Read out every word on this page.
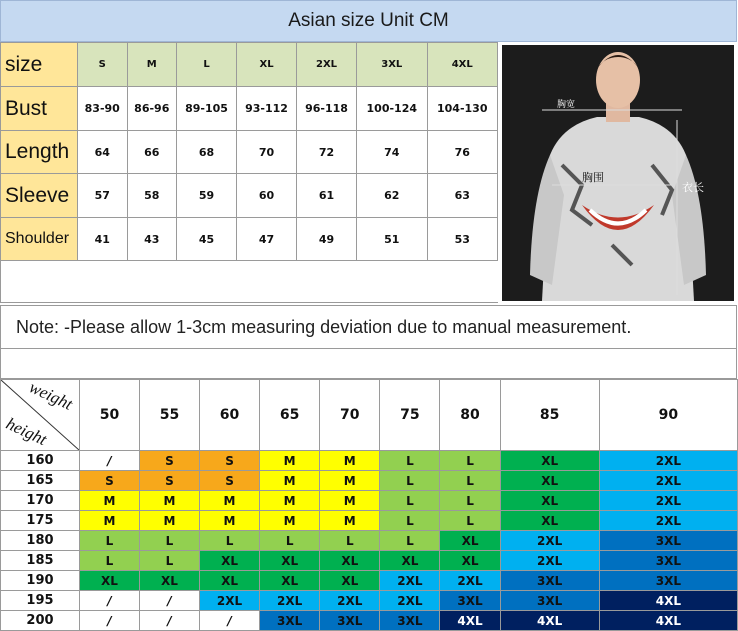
Asian size Unit CM
size	S	M	L	XL	2XL	3XL	4XL
Bust	83-90	86-96	89-105	93-112	96-118	100-124	104-130
Length	64	66	68	70	72	74	76
Sleeve	57	58	59	60	61	62	63
Shoulder	41	43	45	47	49	51	53

胸宽
胸围
衣长
Note: -Please allow 1-3cm measuring deviation due to manual measurement.
weight
height	50	55	60	65	70	75	80	85	90
160	/	S	S	M	M	L	L	XL	2XL
165	S	S	S	M	M	L	L	XL	2XL
170	M	M	M	M	M	L	L	XL	2XL
175	M	M	M	M	M	L	L	XL	2XL
180	L	L	L	L	L	L	XL	2XL	3XL
185	L	L	XL	XL	XL	XL	XL	2XL	3XL
190	XL	XL	XL	XL	XL	2XL	2XL	3XL	3XL
195	/	/	2XL	2XL	2XL	2XL	3XL	3XL	4XL
200	/	/	/	3XL	3XL	3XL	4XL	4XL	4XL
